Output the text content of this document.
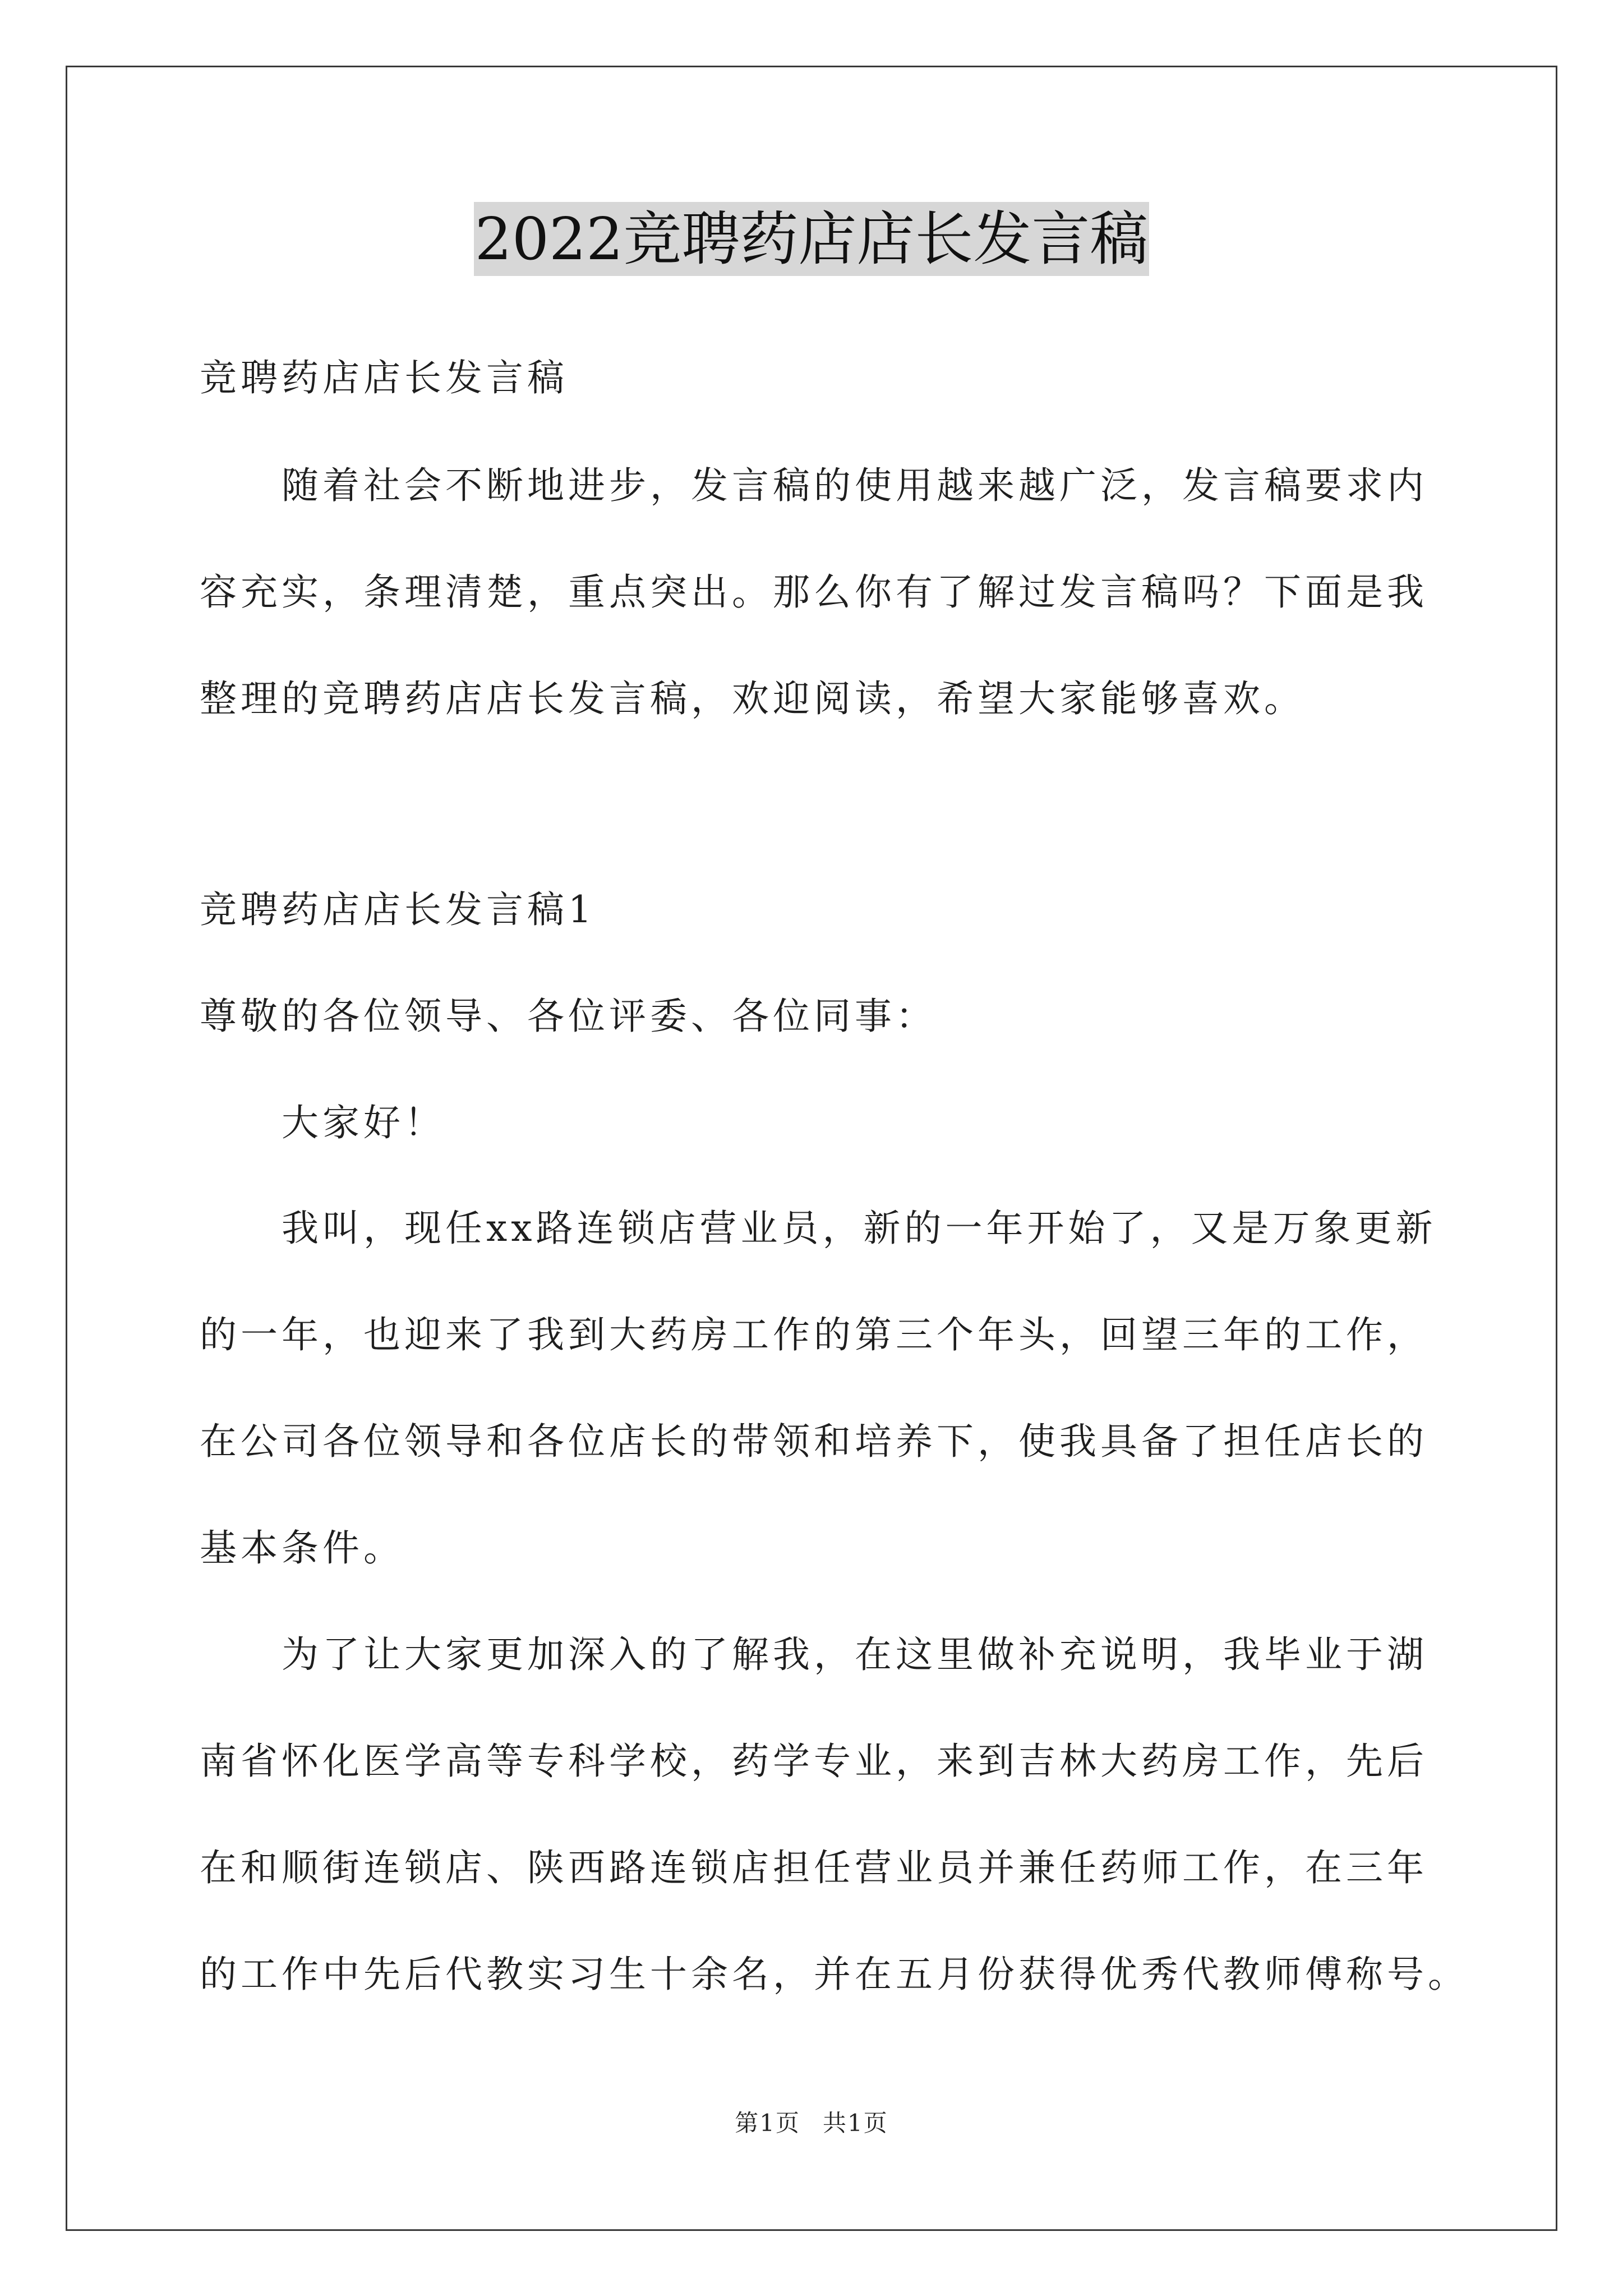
2022竞聘药店店长发言稿
竞聘药店店长发言稿
随着社会不断地进步，发言稿的使用越来越广泛，发言稿要求内
容充实，条理清楚，重点突出。那么你有了解过发言稿吗？下面是我
整理的竞聘药店店长发言稿，欢迎阅读，希望大家能够喜欢。
竞聘药店店长发言稿1
尊敬的各位领导、各位评委、各位同事：
大家好！
我叫，现任xx路连锁店营业员，新的一年开始了，又是万象更新
的一年，也迎来了我到大药房工作的第三个年头，回望三年的工作，
在公司各位领导和各位店长的带领和培养下，使我具备了担任店长的
基本条件。
为了让大家更加深入的了解我，在这里做补充说明，我毕业于湖
南省怀化医学高等专科学校，药学专业，来到吉林大药房工作，先后
在和顺街连锁店、陕西路连锁店担任营业员并兼任药师工作，在三年
的工作中先后代教实习生十余名，并在五月份获得优秀代教师傅称号。
第1页 共1页
